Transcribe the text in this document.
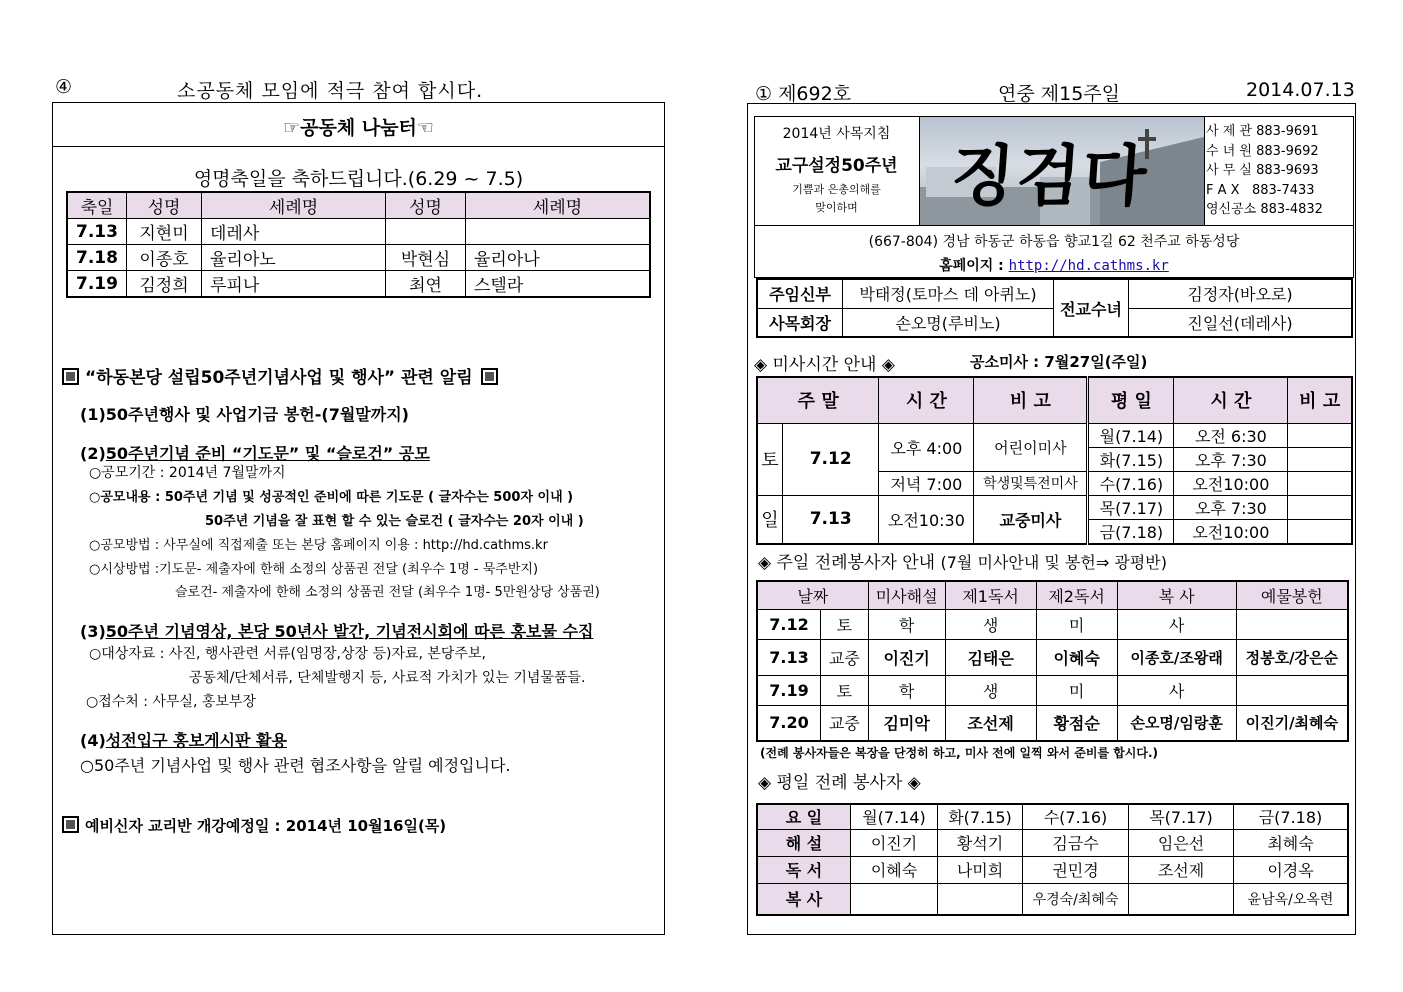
④	소공동체 모임에 적극 참여 합시다.
☞공동체 나눔터☜
영명축일을 축하드립니다.(6.29 ~ 7.5)
축일	성명	세례명	성명	세례명
7.13	지현미	데레사		
7.18	이종호	율리아노	박현심	율리아나
7.19	김정희	루피나	최연	스텔라
“하동본당 설립50주년기념사업 및 행사” 관련 알림
(1)50주년행사 및 사업기금 봉헌-(7월말까지)
(2)50주년기념 준비 “기도문” 및 “슬로건” 공모
○공모기간 : 2014년 7월말까지
○공모내용 : 50주년 기념 및 성공적인 준비에 따른 기도문 ( 글자수는 500자 이내 )
50주년 기념을 잘 표현 할 수 있는 슬로건 ( 글자수는 20자 이내 )
○공모방법 : 사무실에 직접제출 또는 본당 홈페이지 이용 : http://hd.cathms.kr
○시상방법 :기도문- 제출자에 한해 소정의 상품권 전달 (최우수 1명 - 묵주반지)
슬로건- 제출자에 한해 소정의 상품권 전달 (최우수 1명- 5만원상당 상품권)
(3)50주년 기념영상, 본당 50년사 발간, 기념전시회에 따른 홍보물 수집
○대상자료 : 사진, 행사관련 서류(임명장,상장 등)자료, 본당주보,
공동체/단체서류, 단체발행지 등, 사료적 가치가 있는 기념물품들.
○접수처 : 사무실, 홍보부장
(4)성전입구 홍보게시판 활용
○50주년 기념사업 및 행사 관련 협조사항을 알릴 예정입니다.
예비신자 교리반 개강예정일 : 2014년 10월16일(목)
① 제692호	연중 제15주일	2014.07.13
2014년 사목지침
교구설정50주년
기쁨과 은총의해를
맞이하며	징검다리
사 제 관 883-9691
수 녀 원 883-9692
사 무 실 883-9693
F A X   883-7433
영신공소 883-4832
(667-804) 경남 하동군 하동읍 향교1길 62 천주교 하동성당
홈페이지 : http://hd.cathms.kr
주임신부	박태정(토마스 데 아퀴노)	전교수녀	김정자(바오로)
사목회장	손오명(루비노)		진일선(데레사)
◈ 미사시간 안내 ◈	공소미사 : 7월27일(주일)
주 말		시 간	비 고	평 일	시 간	비 고
토	7.12	오후 4:00	어린이미사	월(7.14)	오전 6:30	
				화(7.15)	오후 7:30	
		저녁 7:00	학생및특전미사	수(7.16)	오전10:00	
일	7.13	오전10:30	교중미사	목(7.17)	오후 7:30	
				금(7.18)	오전10:00	
◈ 주일 전례봉사자 안내 (7월 미사안내 및 봉헌⇒ 광평반)
날짜		미사해설	제1독서	제2독서	복 사	예물봉헌
7.12	토	학	생	미	사	
7.13	교중	이진기	김태은	이혜숙	이종호/조왕래	정봉호/강은순
7.19	토	학	생	미	사	
7.20	교중	김미악	조선제	황점순	손오명/임랑훈	이진기/최혜숙
(전례 봉사자들은 복장을 단정히 하고, 미사 전에 일찍 와서 준비를 합시다.)
◈ 평일 전례 봉사자 ◈
요 일	월(7.14)	화(7.15)	수(7.16)	목(7.17)	금(7.18)
해 설	이진기	황석기	김금수	임은선	최혜숙
독 서	이혜숙	나미희	권민경	조선제	이경옥
복 사			우경숙/최혜숙		윤남옥/오옥련
